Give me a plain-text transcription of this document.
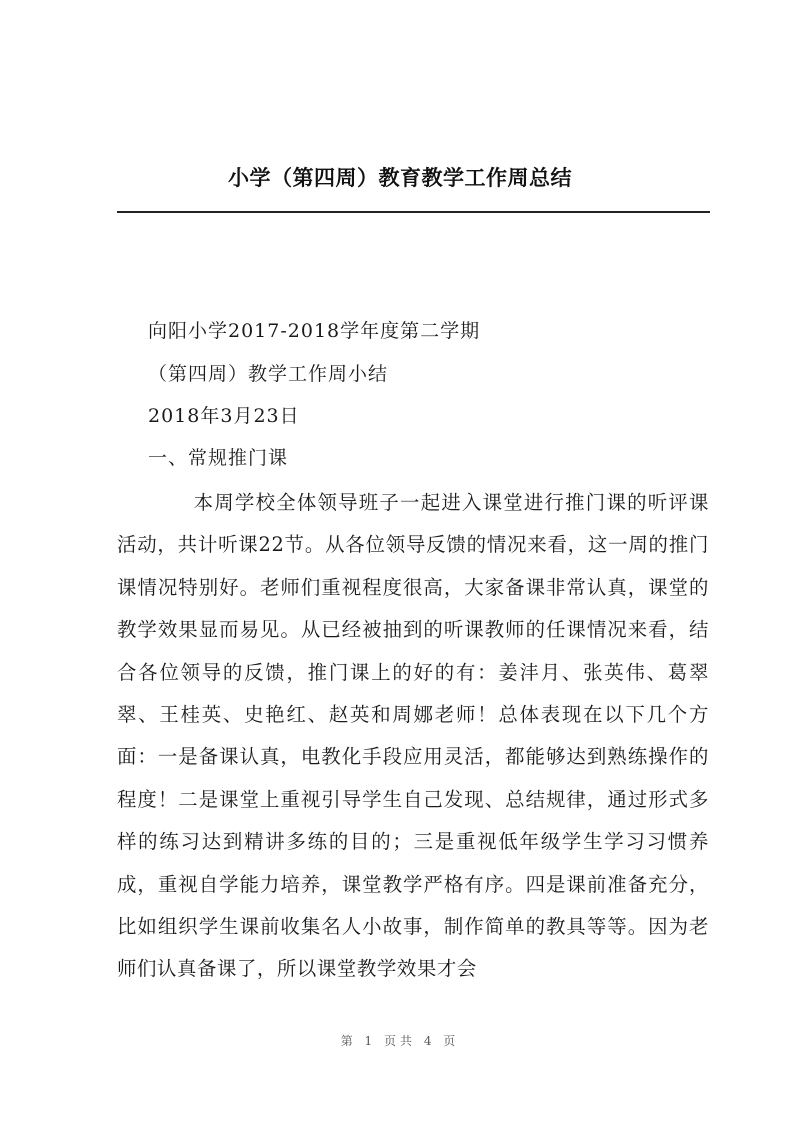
小学（第四周）教育教学工作周总结

向阳小学2017-2018学年度第二学期

（第四周）教学工作周小结

2018年3月23日

一、常规推门课

本周学校全体领导班子一起进入课堂进行推门课的听评课活动，共计听课22节。从各位领导反馈的情况来看，这一周的推门课情况特别好。老师们重视程度很高，大家备课非常认真，课堂的教学效果显而易见。从已经被抽到的听课教师的任课情况来看，结合各位领导的反馈，推门课上的好的有：姜沣月、张英伟、葛翠翠、王桂英、史艳红、赵英和周娜老师！总体表现在以下几个方面：一是备课认真，电教化手段应用灵活，都能够达到熟练操作的程度！二是课堂上重视引导学生自己发现、总结规律，通过形式多样的练习达到精讲多练的目的；三是重视低年级学生学习习惯养成，重视自学能力培养，课堂教学严格有序。四是课前准备充分，比如组织学生课前收集名人小故事，制作简单的教具等等。因为老师们认真备课了，所以课堂教学效果才会

第 1 页共 4 页
